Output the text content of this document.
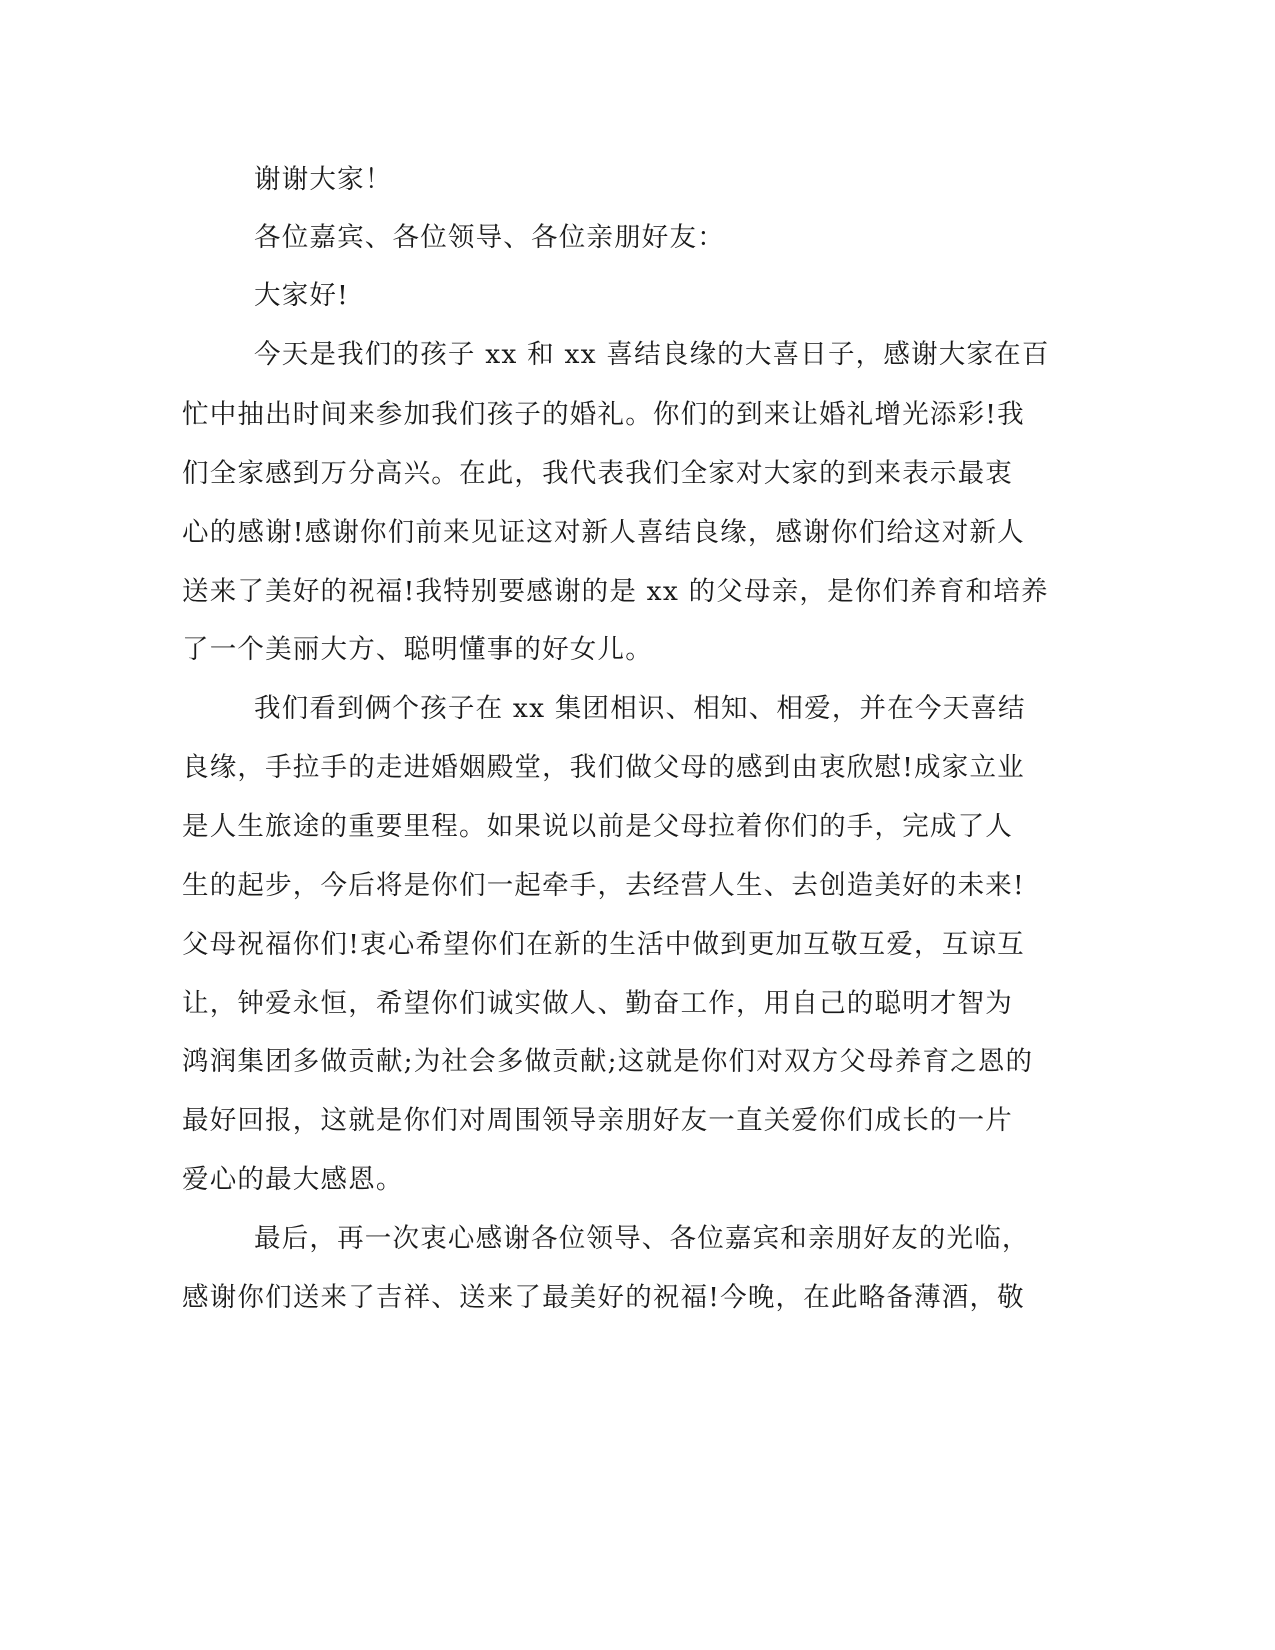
谢谢大家！
各位嘉宾、各位领导、各位亲朋好友：
大家好!
今天是我们的孩子 xx 和 xx 喜结良缘的大喜日子，感谢大家在百
忙中抽出时间来参加我们孩子的婚礼。你们的到来让婚礼增光添彩!我
们全家感到万分高兴。在此，我代表我们全家对大家的到来表示最衷
心的感谢!感谢你们前来见证这对新人喜结良缘，感谢你们给这对新人
送来了美好的祝福!我特别要感谢的是 xx 的父母亲，是你们养育和培养
了一个美丽大方、聪明懂事的好女儿。
我们看到俩个孩子在 xx 集团相识、相知、相爱，并在今天喜结
良缘，手拉手的走进婚姻殿堂，我们做父母的感到由衷欣慰!成家立业
是人生旅途的重要里程。如果说以前是父母拉着你们的手，完成了人
生的起步，今后将是你们一起牵手，去经营人生、去创造美好的未来!
父母祝福你们!衷心希望你们在新的生活中做到更加互敬互爱，互谅互
让，钟爱永恒，希望你们诚实做人、勤奋工作，用自己的聪明才智为
鸿润集团多做贡献;为社会多做贡献;这就是你们对双方父母养育之恩的
最好回报，这就是你们对周围领导亲朋好友一直关爱你们成长的一片
爱心的最大感恩。
最后，再一次衷心感谢各位领导、各位嘉宾和亲朋好友的光临，
感谢你们送来了吉祥、送来了最美好的祝福!今晚，在此略备薄酒，敬
